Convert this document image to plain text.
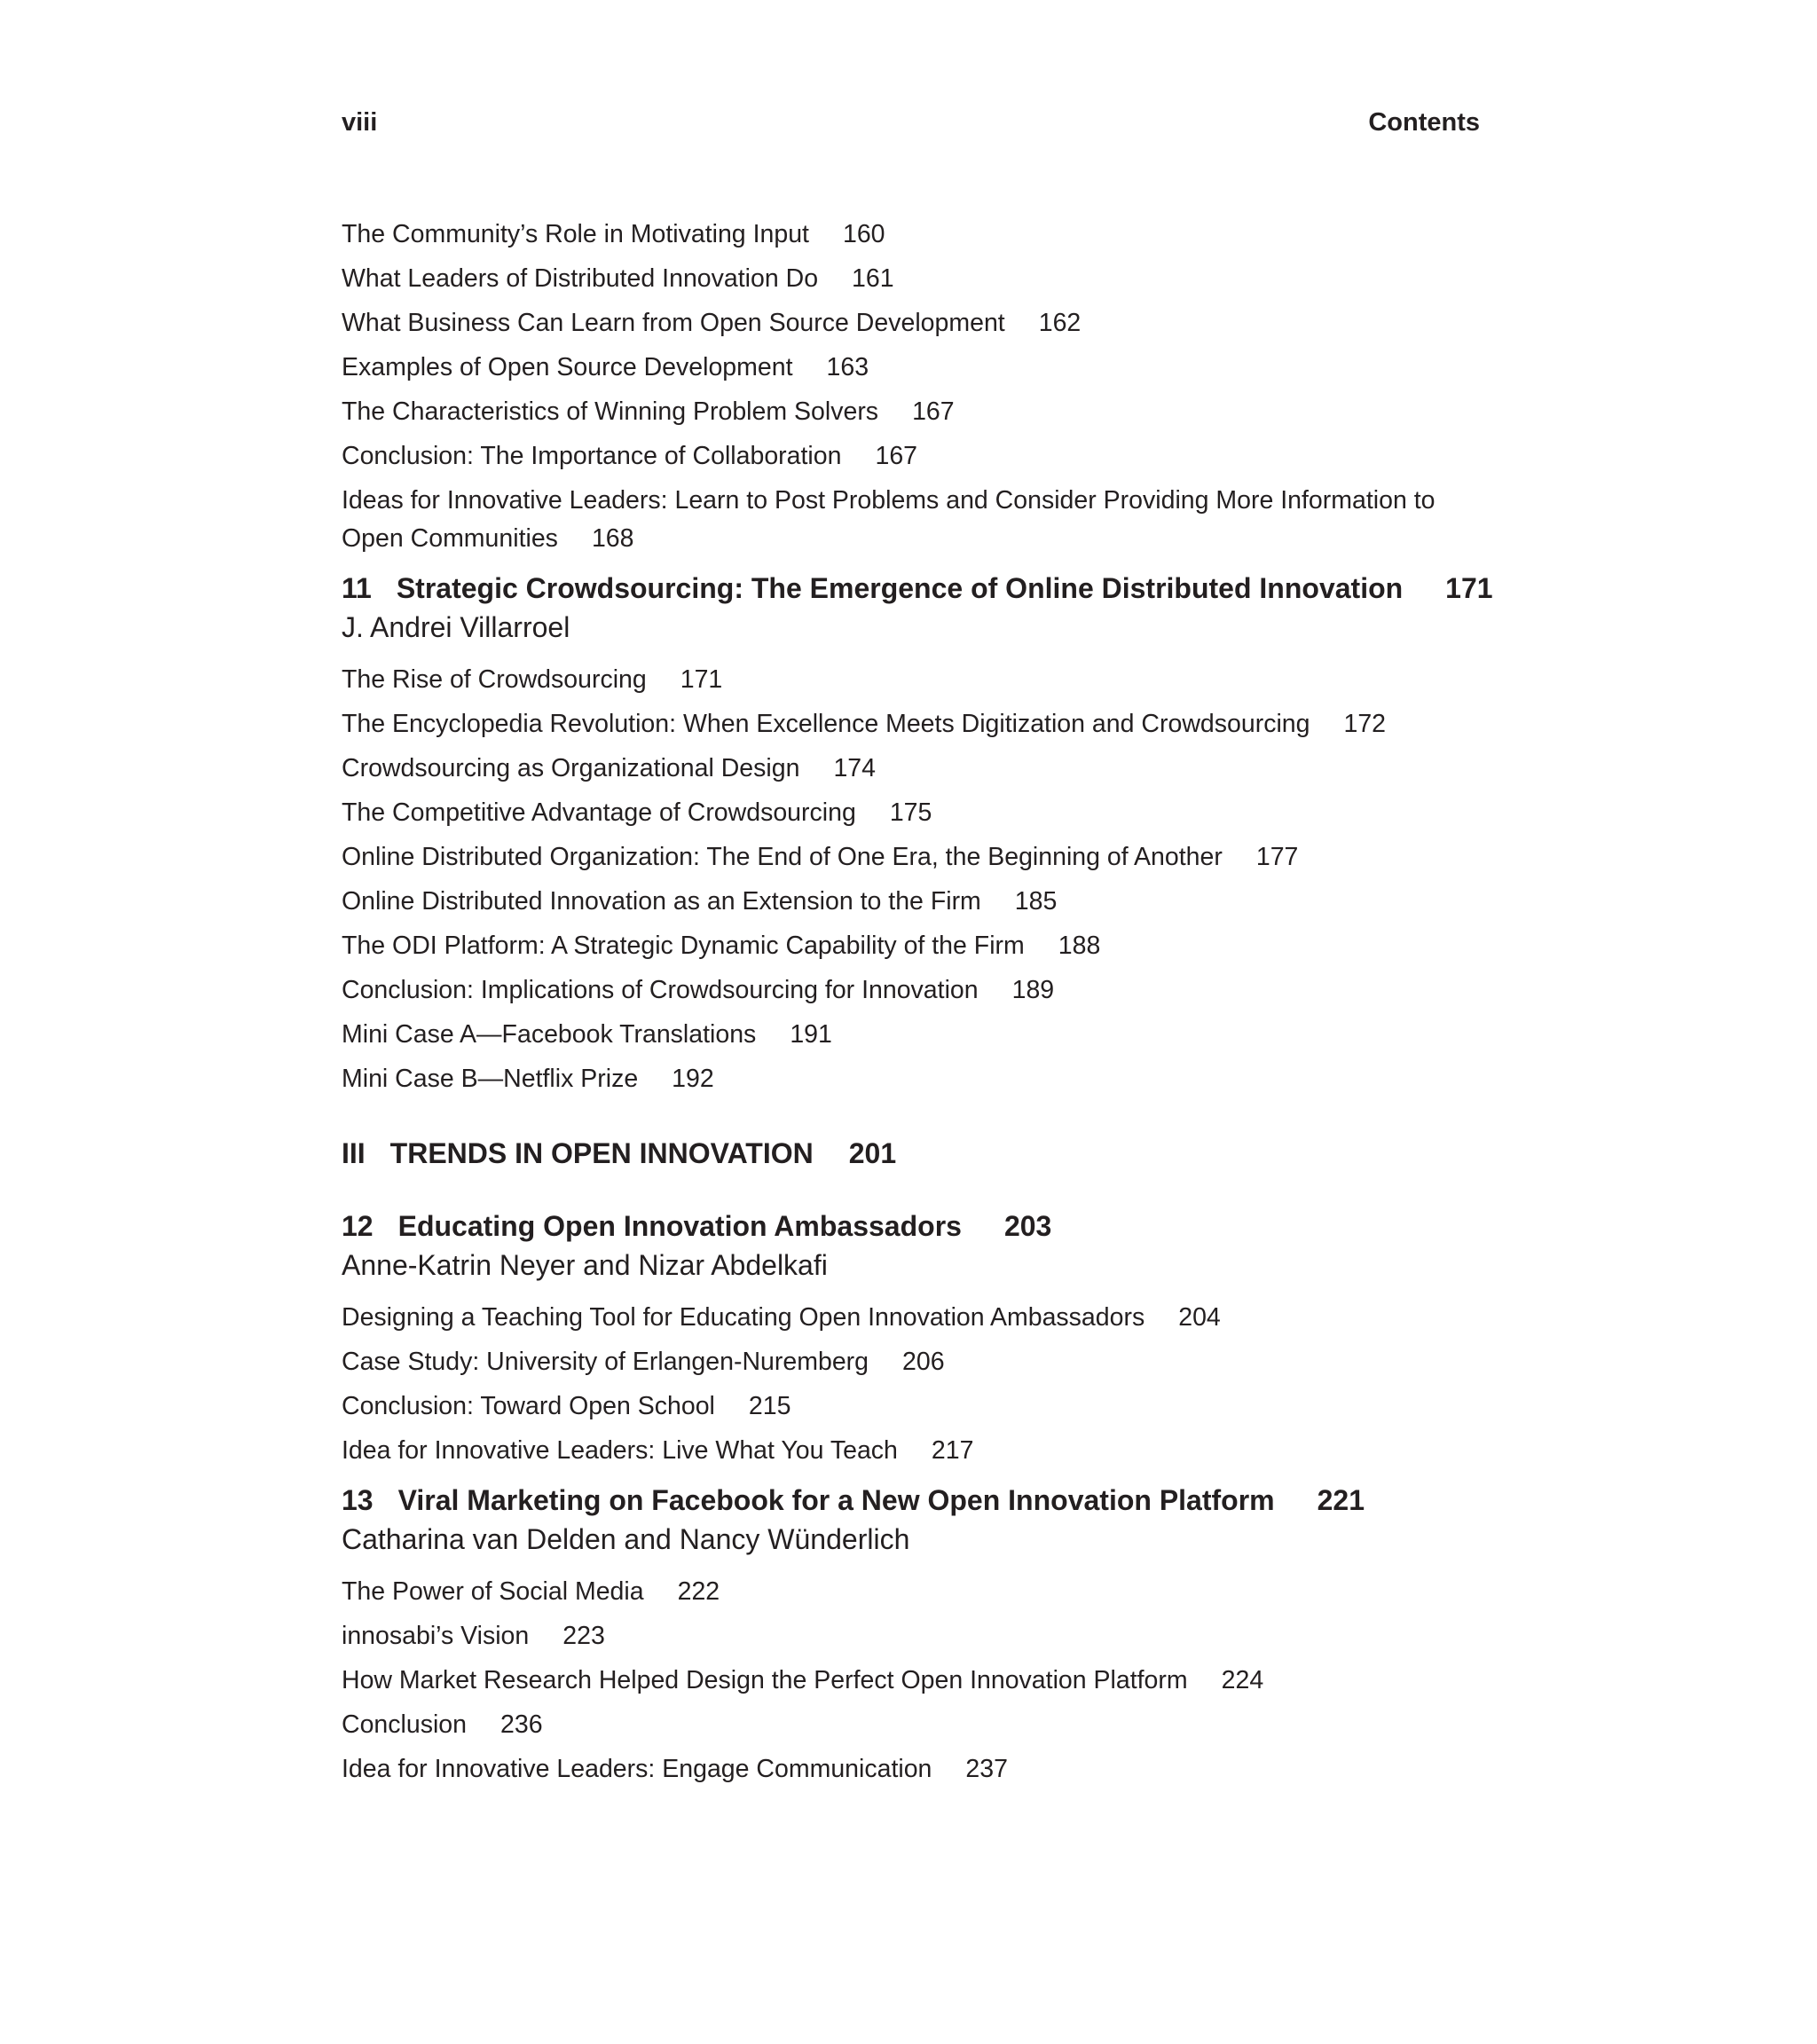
viii	Contents
The Community’s Role in Motivating Input 160
What Leaders of Distributed Innovation Do 161
What Business Can Learn from Open Source Development 162
Examples of Open Source Development 163
The Characteristics of Winning Problem Solvers 167
Conclusion: The Importance of Collaboration 167
Ideas for Innovative Leaders: Learn to Post Problems and Consider Providing More Information to Open Communities 168
11 Strategic Crowdsourcing: The Emergence of Online Distributed Innovation 171
J. Andrei Villarroel
The Rise of Crowdsourcing 171
The Encyclopedia Revolution: When Excellence Meets Digitization and Crowdsourcing 172
Crowdsourcing as Organizational Design 174
The Competitive Advantage of Crowdsourcing 175
Online Distributed Organization: The End of One Era, the Beginning of Another 177
Online Distributed Innovation as an Extension to the Firm 185
The ODI Platform: A Strategic Dynamic Capability of the Firm 188
Conclusion: Implications of Crowdsourcing for Innovation 189
Mini Case A—Facebook Translations 191
Mini Case B—Netflix Prize 192
III TRENDS IN OPEN INNOVATION 201
12 Educating Open Innovation Ambassadors 203
Anne-Katrin Neyer and Nizar Abdelkafi
Designing a Teaching Tool for Educating Open Innovation Ambassadors 204
Case Study: University of Erlangen-Nuremberg 206
Conclusion: Toward Open School 215
Idea for Innovative Leaders: Live What You Teach 217
13 Viral Marketing on Facebook for a New Open Innovation Platform 221
Catharina van Delden and Nancy Wünderlich
The Power of Social Media 222
innosabi’s Vision 223
How Market Research Helped Design the Perfect Open Innovation Platform 224
Conclusion 236
Idea for Innovative Leaders: Engage Communication 237
